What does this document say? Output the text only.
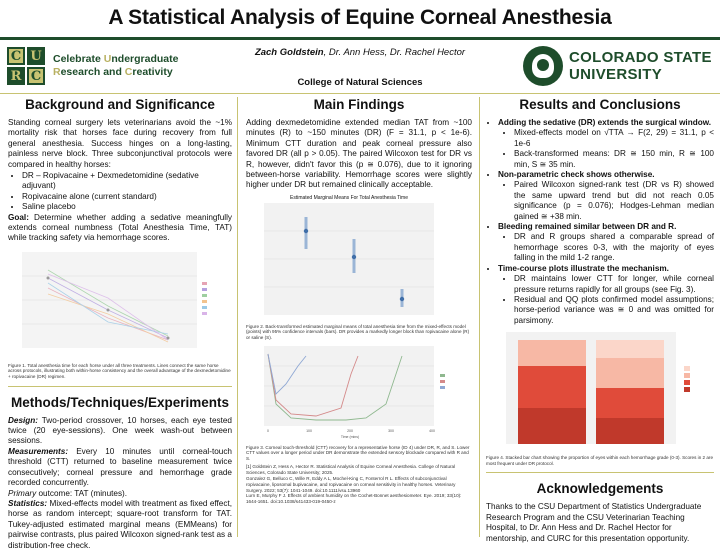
A Statistical Analysis of Equine Corneal Anesthesia
C U
R C
Celebrate Undergraduate
Research and Creativity
Zach Goldstein, Dr. Ann Hess, Dr. Rachel Hector
College of Natural Sciences
COLORADO STATE
UNIVERSITY
Background and Significance

Standing corneal surgery lets veterinarians avoid the ~1% mortality risk that horses face during recovery from full general anesthesia. Success hinges on a long-lasting, painless nerve block. Three subconjunctival protocols were compared in healthy horses:

• DR – Ropivacaine + Dexmedetomidine (sedative adjuvant)
• Ropivacaine alone (current standard)
• Saline placebo

Goal: Determine whether adding a sedative meaningfully extends corneal numbness (Total Anesthesia Time, TAT) while tracking safety via hemorrhage scores.

Figure 1. Total anesthesia time for each horse under all three treatments. Lines connect the same horse across protocols, illustrating both within-horse consistency and the overall advantage of the dexmedetomidine + ropivacaine (DR) regimen.

Methods/Techniques/Experiments

Design: Two-period crossover, 10 horses, each eye tested twice (20 eye-sessions). One week wash-out between sessions.

Measurements: Every 10 minutes until corneal-touch threshold (CTT) returned to baseline measurement twice consecutively; corneal pressure and hemorrhage grade recorded concurrently.

Primary outcome: TAT (minutes).

Statistics: Mixed-effects model with treatment as fixed effect, horse as random intercept; square-root transform for TAT. Tukey-adjusted estimated marginal means (EMMeans) for pairwise contrasts, plus paired Wilcoxon signed-rank test as a distribution-free check.

Main Findings

Adding dexmedetomidine extended median TAT from ~100 minutes (R) to ~150 minutes (DR) (F = 31.1, p < 1e-6). Minimum CTT duration and peak corneal pressure also favored DR (all p > 0.05). The paired Wilcoxon test for DR vs R, however, didn't favor this (p ≅ 0.076), due to it ignoring between-horse variability. Hemorrhage scores were slightly higher under DR but remained clinically acceptable.

Estimated Marginal Means For Total Anesthesia Time

Figure 2. Back-transformed estimated marginal means of total anesthesia time from the mixed-effects model (points) with 95% confidence intervals (bars). DR provides a markedly longer block than ropivacaine alone (R) or saline (S).

0	100	200	300	400
Time (mins)

Figure 3. Corneal touch-threshold (CTT) recovery for a representative horse (ID 4) under DR, R, and S. Lower CTT values over a longer period under DR demonstrate the extended sensory blockade compared with R and S.

[1] Goldstein Z, Hess A, Hector R. Statistical Analysis of Equine Corneal Anesthesia. College of Natural Sciences, Colorado State University; 2025.
Gonzalez G, Belluco C, Wille R, Eddy A L, Mochel-King C, Fonterrol R L. Effects of subconjunctival ropivacaine, liposomal bupivacaine, and ropivacaine on corneal sensitivity in healthy horses. Veterinary Surgery. 2022; 53(7): 1041-1049. doi:10.1111/vsu.13960
Lurn E, Murphy F J. Effects of ambient humidity on the Cochet-Bonnet aesthesiometer. Eye. 2019; 33(10): 1644-1651. doi:10.1038/s41433-019-0450-z
Results and Conclusions
• Adding the sedative (DR) extends the surgical window.
• Mixed-effects model on √TTA → F(2, 29) = 31.1, p < 1e-6
• Back-transformed means: DR ≅ 150 min, R ≅ 100 min, S ≅ 35 min.
• Non-parametric check shows otherwise.
• Paired Wilcoxon signed-rank test (DR vs R) showed the same upward trend but did not reach 0.05 significance (p = 0.076); Hodges-Lehman median gained ≅ +38 min.
• Bleeding remained similar between DR and R.
• DR and R groups shared a comparable spread of hemorrhage scores 0-3, with the majority of eyes falling in the mild 1-2 range.
• Time-course plots illustrate the mechanism.
• DR maintains lower CTT for longer, while corneal pressure returns rapidly for all groups (see Fig. 3).
• Residual and QQ plots confirmed model assumptions; horse-period variance was ≅ 0 and was omitted for parsimony.

Figure 4. Stacked bar chart showing the proportion of eyes within each hemorrhage grade (0-3). Scores in 2 are most frequent under DR protocol.

Acknowledgements

Thanks to the CSU Department of Statistics Undergraduate Research Program and the CSU Veterinarian Teaching Hospital, to Dr. Ann Hess and Dr. Rachel Hector for mentorship, and CURC for this presentation opportunity.
